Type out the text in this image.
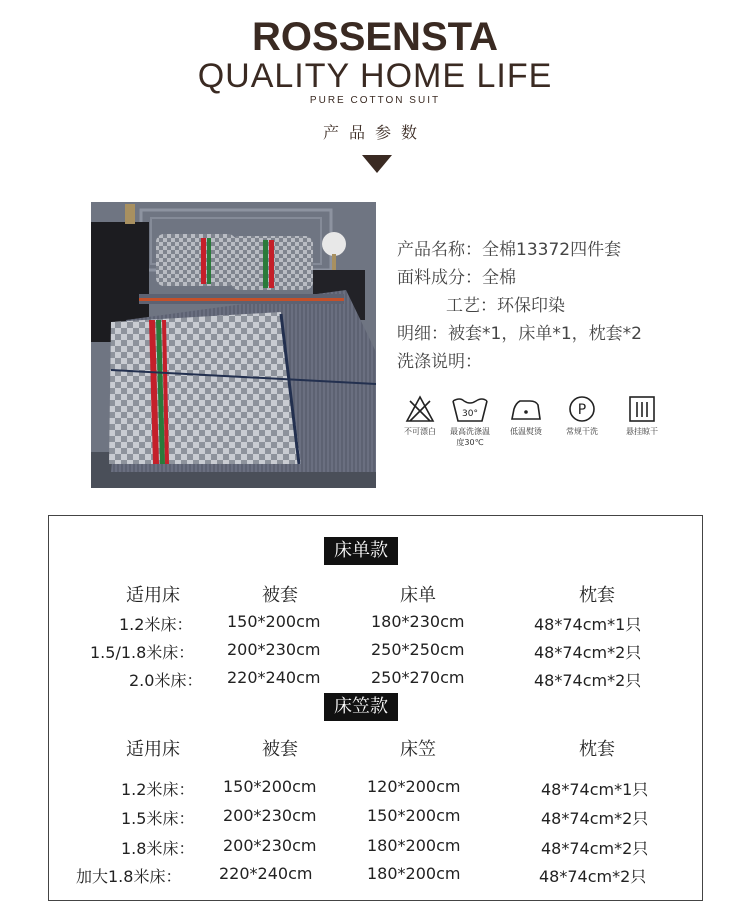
ROSSENSTA
QUALITY HOME LIFE
PURE COTTON SUIT
产品参数
产品名称：全棉13372四件套
面料成分：全棉
工艺：环保印染
明细：被套*1，床单*1，枕套*2
洗涤说明：
不可漂白
30°
最高洗涤温度30℃
低温熨烫
P
常规干洗	悬挂晾干
床单款
适用床	被套	床单	枕套
1.2米床： 150*200cm	180*230cm	48*74cm*1只
1.5/1.8米床： 200*230cm	250*250cm	48*74cm*2只
2.0米床： 220*240cm	250*270cm	48*74cm*2只
床笠款
适用床	被套	床笠	枕套
1.2米床： 150*200cm	120*200cm	48*74cm*1只
1.5米床： 200*230cm	150*200cm	48*74cm*2只
1.8米床： 200*230cm	180*200cm	48*74cm*2只
加大1.8米床： 220*240cm	180*200cm	48*74cm*2只
